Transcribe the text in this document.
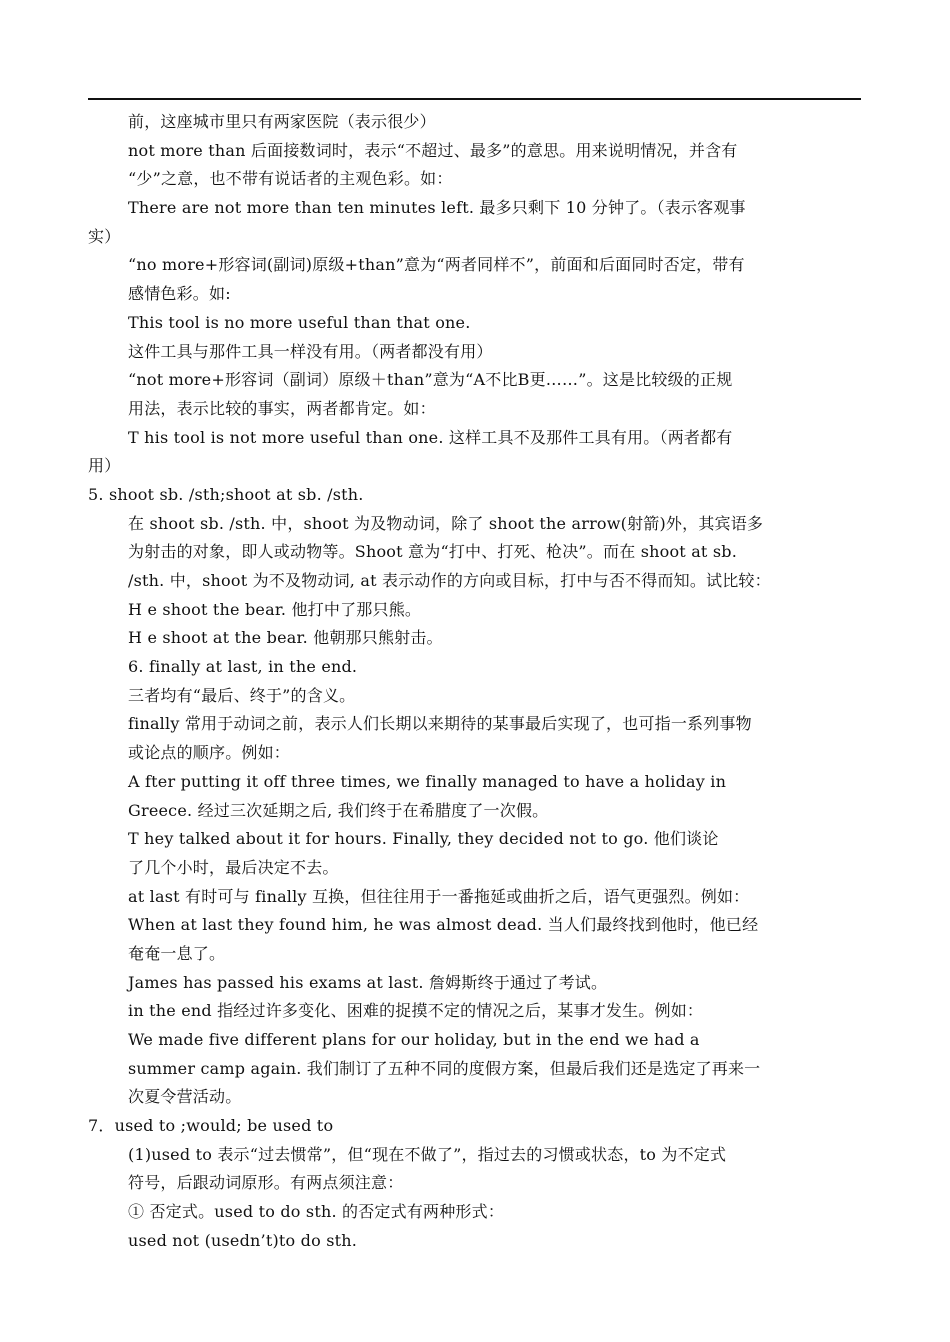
前，这座城市里只有两家医院（表示很少）
not more than 后面接数词时，表示“不超过、最多”的意思。用来说明情况，并含有
“少”之意，也不带有说话者的主观色彩。如：
There are not more than ten minutes left. 最多只剩下 10 分钟了。（表示客观事
实）
“no more+形容词(副词)原级+than”意为“两者同样不”，前面和后面同时否定，带有
感情色彩。如:
This tool is no more useful than that one.
这件工具与那件工具一样没有用。（两者都没有用）
“not more+形容词（副词）原级＋than”意为“A不比B更……”。这是比较级的正规
用法，表示比较的事实，两者都肯定。如：
T his tool is not more useful than one. 这样工具不及那件工具有用。（两者都有
用）
5. shoot sb. /sth;shoot at sb. /sth.
在 shoot sb. /sth. 中，shoot 为及物动词，除了 shoot the arrow(射箭)外，其宾语多
为射击的对象，即人或动物等。Shoot 意为“打中、打死、枪决”。而在 shoot at sb.
/sth. 中，shoot 为不及物动词, at 表示动作的方向或目标，打中与否不得而知。试比较：
H e shoot the bear. 他打中了那只熊。
H e shoot at the bear. 他朝那只熊射击。
6. finally at last, in the end.
三者均有“最后、终于”的含义。
finally 常用于动词之前，表示人们长期以来期待的某事最后实现了，也可指一系列事物
或论点的顺序。例如：
A fter putting it off three times, we finally managed to have a holiday in
Greece. 经过三次延期之后, 我们终于在希腊度了一次假。
T hey talked about it for hours. Finally, they decided not to go. 他们谈论
了几个小时，最后决定不去。
at last 有时可与 finally 互换，但往往用于一番拖延或曲折之后，语气更强烈。例如：
When at last they found him, he was almost dead. 当人们最终找到他时，他已经
奄奄一息了。
James has passed his exams at last. 詹姆斯终于通过了考试。
in the end 指经过许多变化、困难的捉摸不定的情况之后，某事才发生。例如：
We made five different plans for our holiday, but in the end we had a
summer camp again. 我们制订了五种不同的度假方案，但最后我们还是选定了再来一
次夏令营活动。
7．used to ;would; be used to
(1)used to 表示“过去惯常”，但“现在不做了”，指过去的习惯或状态，to 为不定式
符号，后跟动词原形。有两点须注意：
① 否定式。used to do sth. 的否定式有两种形式：
used not (usedn’t)to do sth.
